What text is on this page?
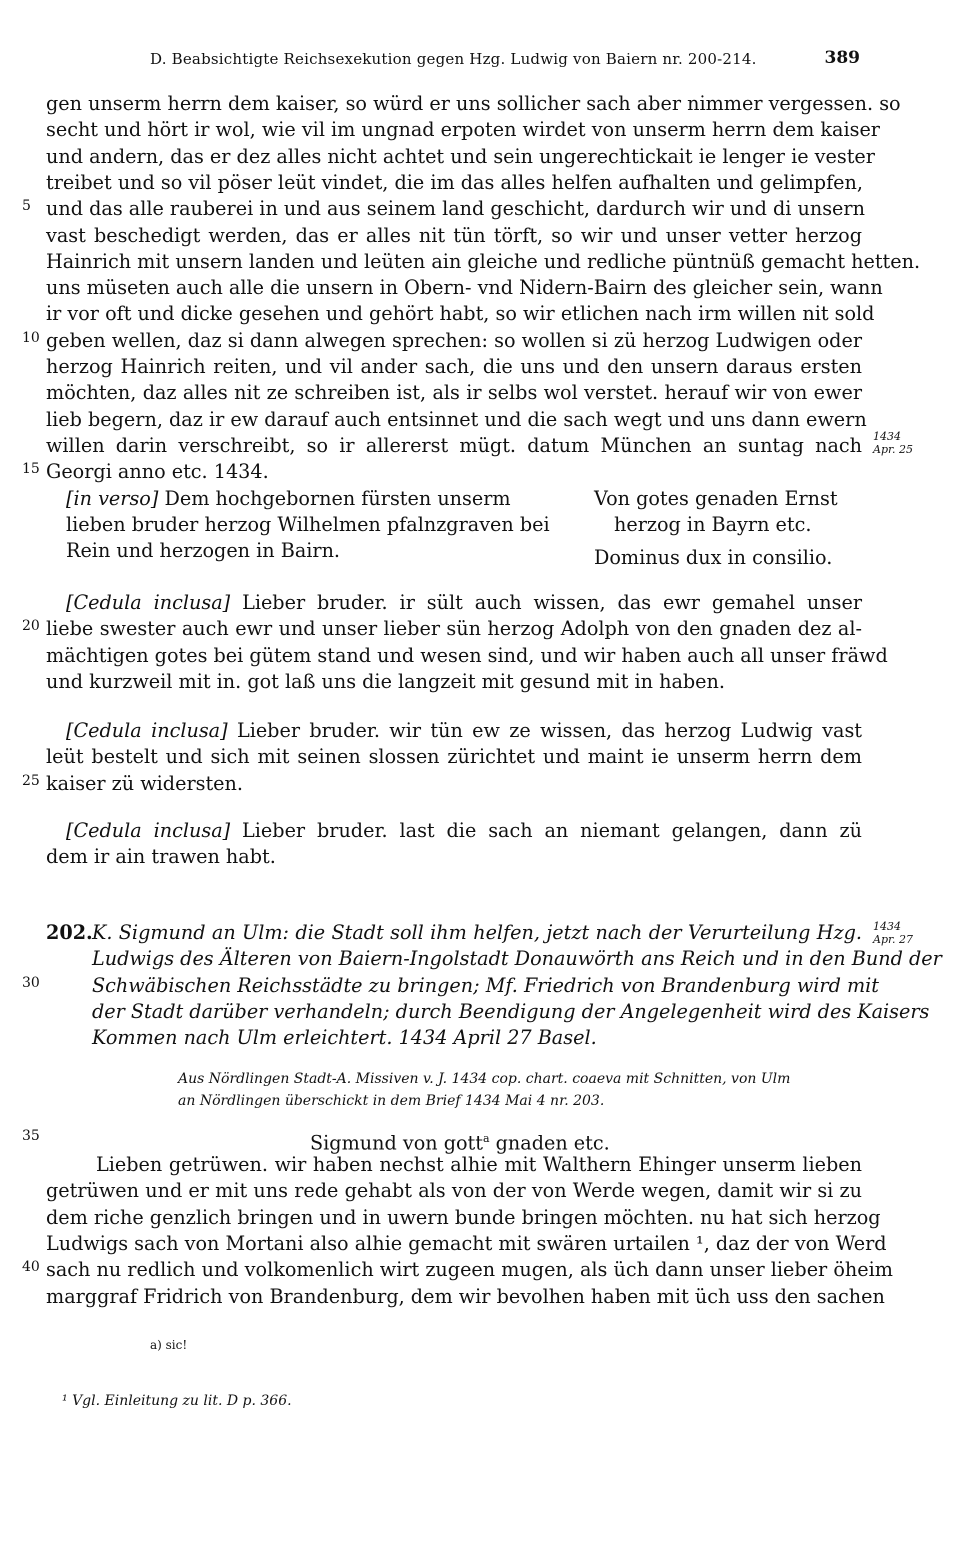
D. Beabsichtigte Reichsexekution gegen Hzg. Ludwig von Baiern nr. 200-214.	389
gen unserm herrn dem kaiser, so würd er uns sollicher sach aber nimmer vergessen. so
secht und hört ir wol, wie vil im ungnad erpoten wirdet von unserm herrn dem kaiser
und andern, das er dez alles nicht achtet und sein ungerechtickait ie lenger ie vester
treibet und so vil pöser leüt vindet, die im das alles helfen aufhalten und gelimpfen,
und das alle rauberei in und aus seinem land geschicht, dardurch wir und di unsern
5
vast beschedigt werden, das er alles nit tün törft, so wir und unser vetter herzog
Hainrich mit unsern landen und leüten ain gleiche und redliche püntnüß gemacht hetten.
uns müseten auch alle die unsern in Obern- vnd Nidern-Bairn des gleicher sein, wann
ir vor oft und dicke gesehen und gehört habt, so wir etlichen nach irm willen nit sold
geben wellen, daz si dann alwegen sprechen: so wollen si zü herzog Ludwigen oder
10
herzog Hainrich reiten, und vil ander sach, die uns und den unsern daraus ersten
möchten, daz alles nit ze schreiben ist, als ir selbs wol verstet. herauf wir von ewer
lieb begern, daz ir ew darauf auch entsinnet und die sach wegt und uns dann ewern
willen darin verschreibt, so ir allererst mügt. datum München an suntag nach
Georgi anno etc. 1434.
15
1434
Apr. 25
[in verso] Dem hochgebornen fürsten unserm
lieben bruder herzog Wilhelmen pfalnzgraven bei
Rein und herzogen in Bairn.
Von gotes genaden Ernst
herzog in Bayrn etc.
Dominus dux in consilio.
[Cedula inclusa] Lieber bruder. ir sült auch wissen, das ewr gemahel unser
liebe swester auch ewr und unser lieber sün herzog Adolph von den gnaden dez al-
20
mächtigen gotes bei gütem stand und wesen sind, und wir haben auch all unser fräwd
und kurzweil mit in. got laß uns die langzeit mit gesund mit in haben.
[Cedula inclusa] Lieber bruder. wir tün ew ze wissen, das herzog Ludwig vast
leüt bestelt und sich mit seinen slossen zürichtet und maint ie unserm herrn dem
kaiser zü widersten.
25
[Cedula inclusa] Lieber bruder. last die sach an niemant gelangen, dann zü
dem ir ain trawen habt.
202. K. Sigmund an Ulm: die Stadt soll ihm helfen, jetzt nach der Verurteilung Hzg.
Ludwigs des Älteren von Baiern-Ingolstadt Donauwörth ans Reich und in den Bund der
Schwäbischen Reichsstädte zu bringen; Mf. Friedrich von Brandenburg wird mit
30
der Stadt darüber verhandeln; durch Beendigung der Angelegenheit wird des Kaisers
Kommen nach Ulm erleichtert. 1434 April 27 Basel.
1434
Apr. 27
Aus Nördlingen Stadt-A. Missiven v. J. 1434 cop. chart. coaeva mit Schnitten, von Ulm
an Nördlingen überschickt in dem Brief 1434 Mai 4 nr. 203.
35	Sigmund von gott$^a$ gnaden etc.
Lieben getrüwen. wir haben nechst alhie mit Walthern Ehinger unserm lieben
getrüwen und er mit uns rede gehabt als von der von Werde wegen, damit wir si zu
dem riche genzlich bringen und in uwern bunde bringen möchten. nu hat sich herzog
Ludwigs sach von Mortani also alhie gemacht mit swären urtailen ¹, daz der von Werd
sach nu redlich und volkomenlich wirt zugeen mugen, als üch dann unser lieber öheim
40
marggraf Fridrich von Brandenburg, dem wir bevolhen haben mit üch uss den sachen
a) sic!
¹ Vgl. Einleitung zu lit. D p. 366.
